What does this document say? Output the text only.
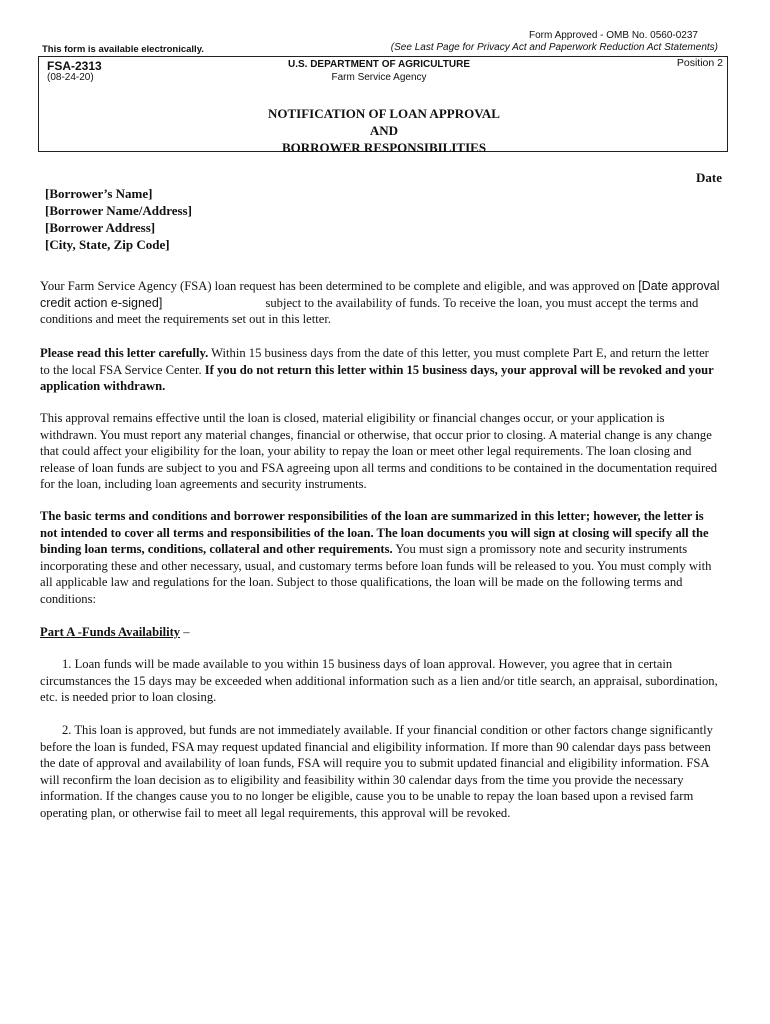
Form Approved - OMB No. 0560-0237
This form is available electronically.	(See Last Page for Privacy Act and Paperwork Reduction Act Statements)
FSA-2313
(08-24-20)
U.S. DEPARTMENT OF AGRICULTURE
Farm Service Agency
Position 2
NOTIFICATION OF LOAN APPROVAL
AND
BORROWER RESPONSIBILITIES
Date
[Borrower’s Name]
[Borrower Name/Address]
[Borrower Address]
[City, State, Zip Code]
Your Farm Service Agency (FSA) loan request has been determined to be complete and eligible, and was approved on [Date approval credit action e-signed]	subject to the availability of funds. To receive the loan, you must accept the terms and conditions and meet the requirements set out in this letter.
Please read this letter carefully. Within 15 business days from the date of this letter, you must complete Part E, and return the letter to the local FSA Service Center. If you do not return this letter within 15 business days, your approval will be revoked and your application withdrawn.
This approval remains effective until the loan is closed, material eligibility or financial changes occur, or your application is withdrawn. You must report any material changes, financial or otherwise, that occur prior to closing. A material change is any change that could affect your eligibility for the loan, your ability to repay the loan or meet other legal requirements. The loan closing and release of loan funds are subject to you and FSA agreeing upon all terms and conditions to be contained in the documentation required for the loan, including loan agreements and security instruments.
The basic terms and conditions and borrower responsibilities of the loan are summarized in this letter; however, the letter is not intended to cover all terms and responsibilities of the loan. The loan documents you will sign at closing will specify all the binding loan terms, conditions, collateral and other requirements. You must sign a promissory note and security instruments incorporating these and other necessary, usual, and customary terms before loan funds will be released to you. You must comply with all applicable law and regulations for the loan. Subject to those qualifications, the loan will be made on the following terms and conditions:
Part A -Funds Availability –
1. Loan funds will be made available to you within 15 business days of loan approval. However, you agree that in certain circumstances the 15 days may be exceeded when additional information such as a lien and/or title search, an appraisal, subordination, etc. is needed prior to loan closing.
2. This loan is approved, but funds are not immediately available. If your financial condition or other factors change significantly before the loan is funded, FSA may request updated financial and eligibility information. If more than 90 calendar days pass between the date of approval and availability of loan funds, FSA will require you to submit updated financial and eligibility information. FSA will reconfirm the loan decision as to eligibility and feasibility within 30 calendar days from the time you provide the necessary information. If the changes cause you to no longer be eligible, cause you to be unable to repay the loan based upon a revised farm operating plan, or otherwise fail to meet all legal requirements, this approval will be revoked.
